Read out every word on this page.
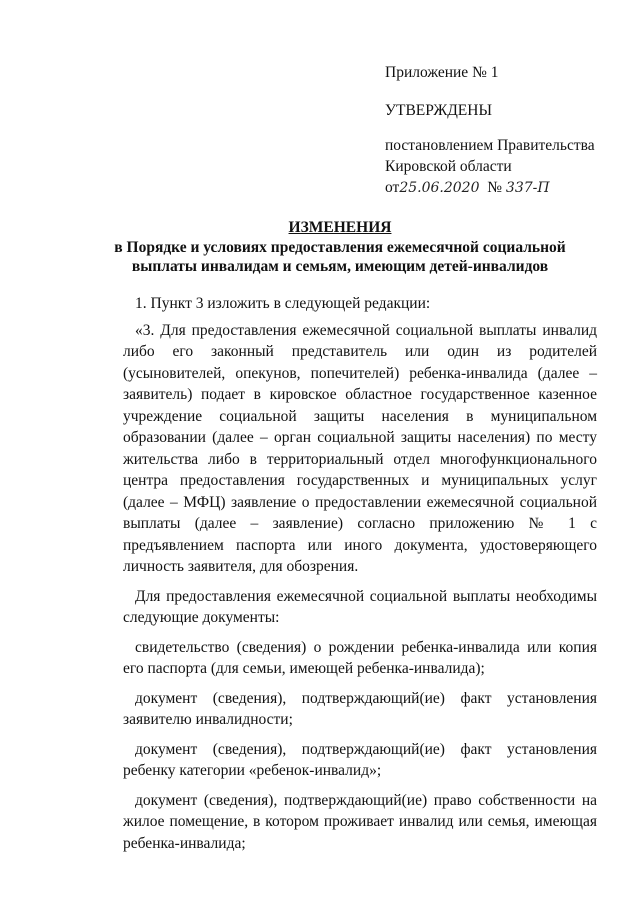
Приложение № 1

УТВЕРЖДЕНЫ

постановлением Правительства

Кировской области

от25.06.2020 № 337-П

ИЗМЕНЕНИЯ
в Порядке и условиях предоставления ежемесячной социальной
выплаты инвалидам и семьям, имеющим детей-инвалидов

1. Пункт 3 изложить в следующей редакции:

«3. Для предоставления ежемесячной социальной выплаты инвалид либо его законный представитель или один из родителей (усыновителей, опекунов, попечителей) ребенка-инвалида (далее – заявитель) подает в кировское областное государственное казенное учреждение социальной защиты населения в муниципальном образовании (далее – орган социальной защиты населения) по месту жительства либо в территориальный отдел многофункционального центра предоставления государственных и муниципальных услуг (далее – МФЦ) заявление о предоставлении ежемесячной социальной выплаты (далее – заявление) согласно приложению № 1 с предъявлением паспорта или иного документа, удостоверяющего личность заявителя, для обозрения.

Для предоставления ежемесячной социальной выплаты необходимы следующие документы:

свидетельство (сведения) о рождении ребенка-инвалида или копия его паспорта (для семьи, имеющей ребенка-инвалида);

документ (сведения), подтверждающий(ие) факт установления заявителю инвалидности;

документ (сведения), подтверждающий(ие) факт установления ребенку категории «ребенок-инвалид»;

документ (сведения), подтверждающий(ие) право собственности на жилое помещение, в котором проживает инвалид или семья, имеющая ребенка-инвалида;
